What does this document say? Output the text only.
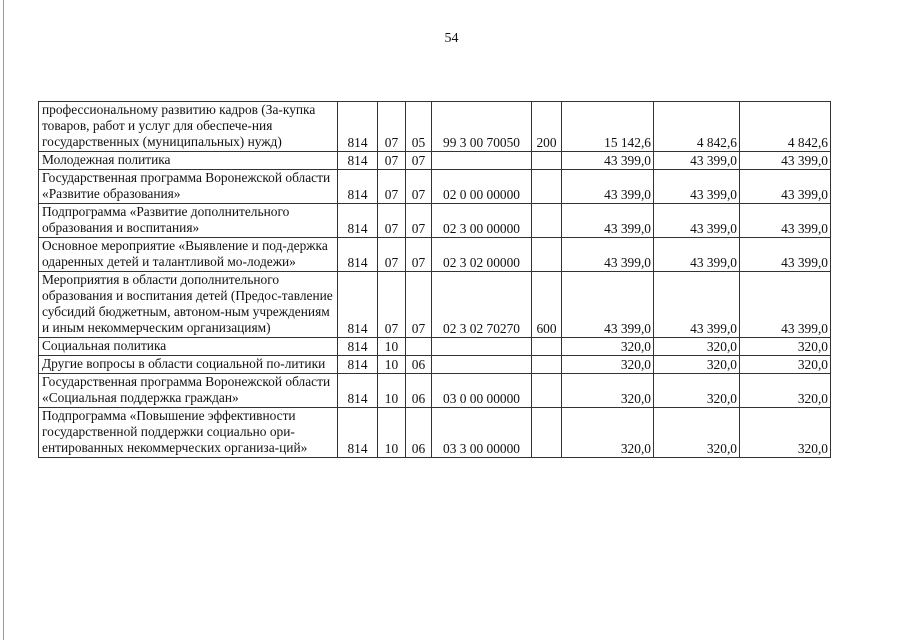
54
профессиональному развитию кадров (За-купка товаров, работ и услуг для обеспече-ния государственных (муниципальных) нужд)	814	07	05	99 3 00 70050	200	15 142,6	4 842,6	4 842,6
Молодежная политика	814	07	07			43 399,0	43 399,0	43 399,0
Государственная программа Воронежской области «Развитие образования»	814	07	07	02 0 00 00000		43 399,0	43 399,0	43 399,0
Подпрограмма «Развитие дополнительного образования и воспитания»	814	07	07	02 3 00 00000		43 399,0	43 399,0	43 399,0
Основное мероприятие «Выявление и под-держка одаренных детей и талантливой мо-лодежи»	814	07	07	02 3 02 00000		43 399,0	43 399,0	43 399,0
Мероприятия в области дополнительного образования и воспитания детей (Предос-тавление субсидий бюджетным, автоном-ным учреждениям и иным некоммерческим организациям)	814	07	07	02 3 02 70270	600	43 399,0	43 399,0	43 399,0
Социальная политика	814	10				320,0	320,0	320,0
Другие вопросы в области социальной по-литики	814	10	06			320,0	320,0	320,0
Государственная программа Воронежской области «Социальная поддержка граждан»	814	10	06	03 0 00 00000		320,0	320,0	320,0
Подпрограмма «Повышение эффективности государственной поддержки социально ори-ентированных некоммерческих организа-ций»	814	10	06	03 3 00 00000		320,0	320,0	320,0
